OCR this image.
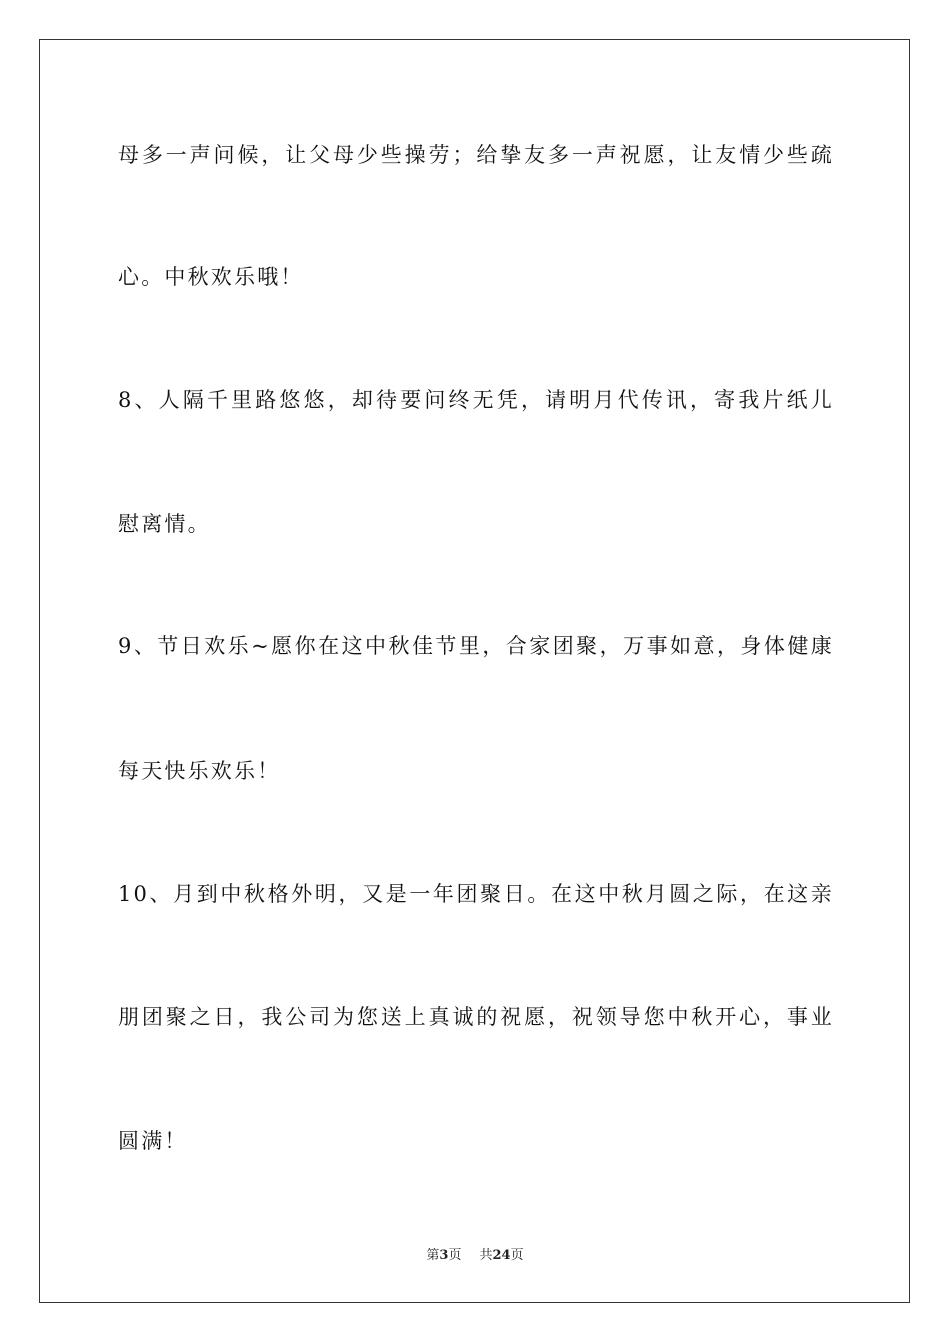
母多一声问候，让父母少些操劳；给挚友多一声祝愿，让友情少些疏
心。中秋欢乐哦！
8、人隔千里路悠悠，却待要问终无凭，请明月代传讯，寄我片纸儿
慰离情。
9、节日欢乐~愿你在这中秋佳节里，合家团聚，万事如意，身体健康
每天快乐欢乐！
10、月到中秋格外明，又是一年团聚日。在这中秋月圆之际，在这亲
朋团聚之日，我公司为您送上真诚的祝愿，祝领导您中秋开心，事业
圆满！
第3页 共24页
